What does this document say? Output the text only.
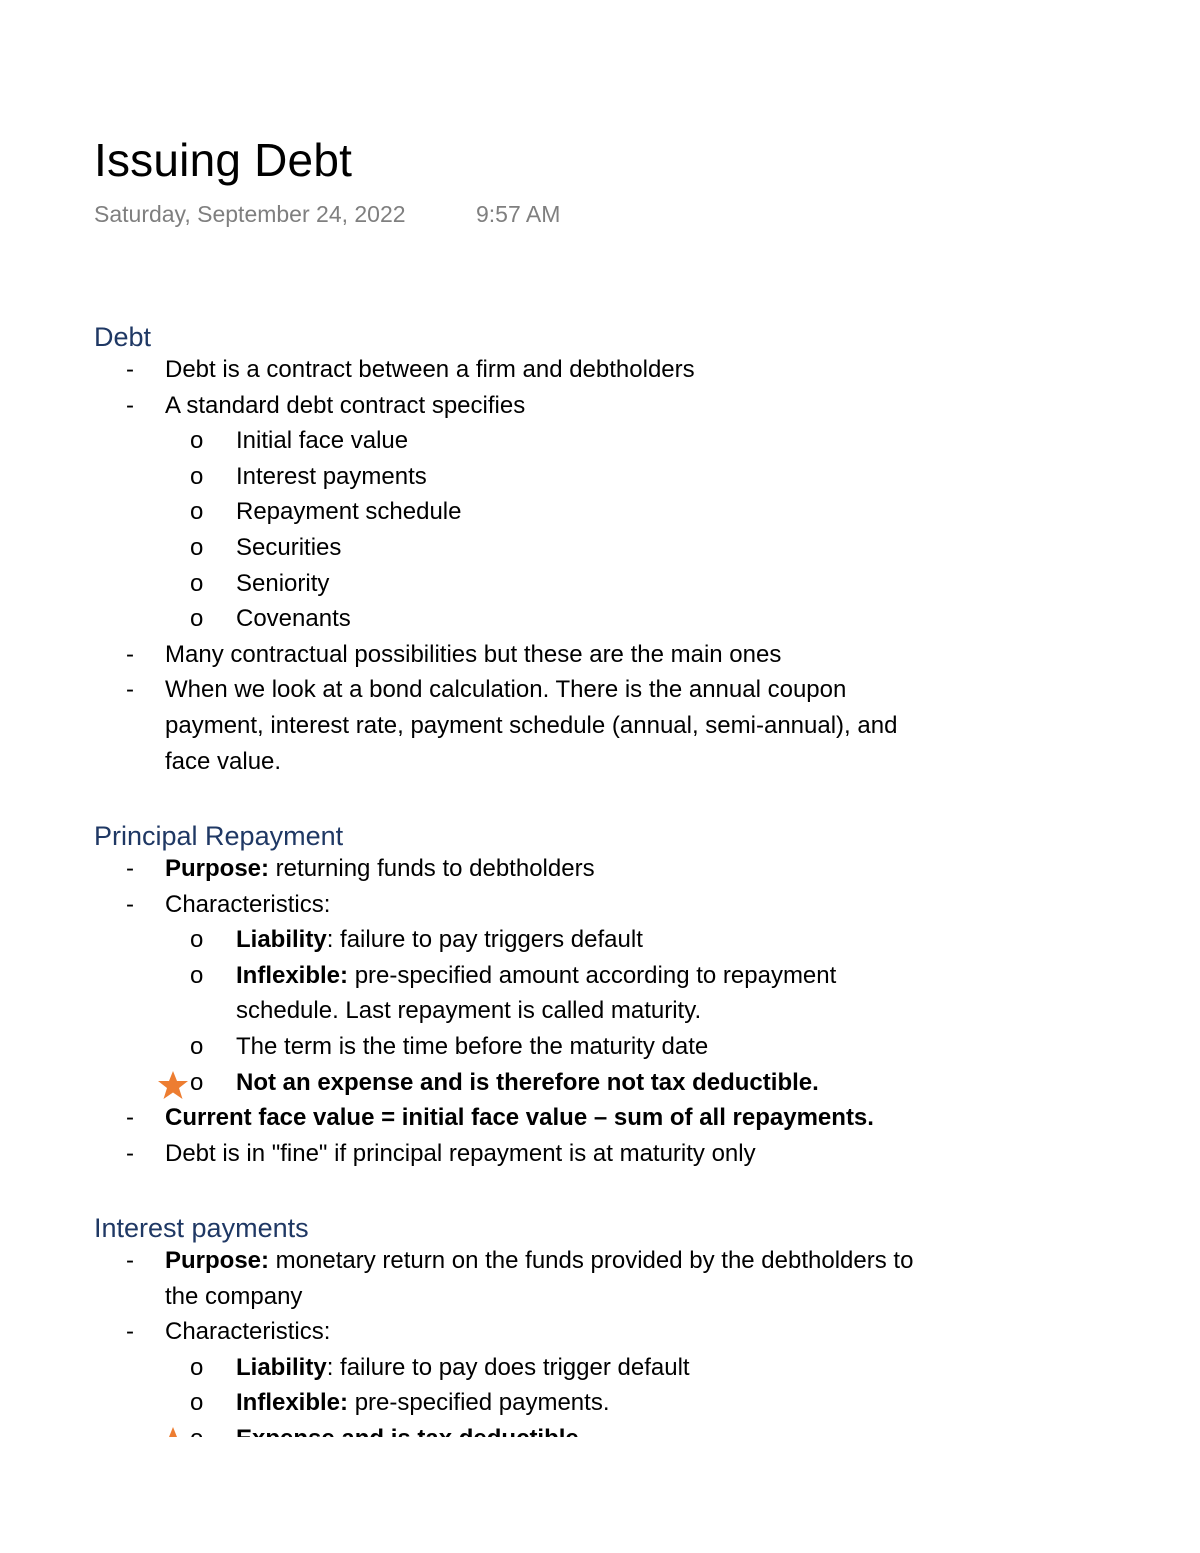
Issuing Debt
Saturday, September 24, 2022	9:57 AM
Debt
- Debt is a contract between a firm and debtholders
- A standard debt contract specifies
o Initial face value
o Interest payments
o Repayment schedule
o Securities
o Seniority
o Covenants
- Many contractual possibilities but these are the main ones
- When we look at a bond calculation. There is the annual coupon
payment, interest rate, payment schedule (annual, semi-annual), and
face value.
Principal Repayment
- Purpose: returning funds to debtholders
- Characteristics:
o Liability: failure to pay triggers default
o Inflexible: pre-specified amount according to repayment
schedule. Last repayment is called maturity.
o The term is the time before the maturity date
o Not an expense and is therefore not tax deductible.
- Current face value = initial face value – sum of all repayments.
- Debt is in "fine" if principal repayment is at maturity only
Interest payments
- Purpose: monetary return on the funds provided by the debtholders to
the company
- Characteristics:
o Liability: failure to pay does trigger default
o Inflexible: pre-specified payments.
